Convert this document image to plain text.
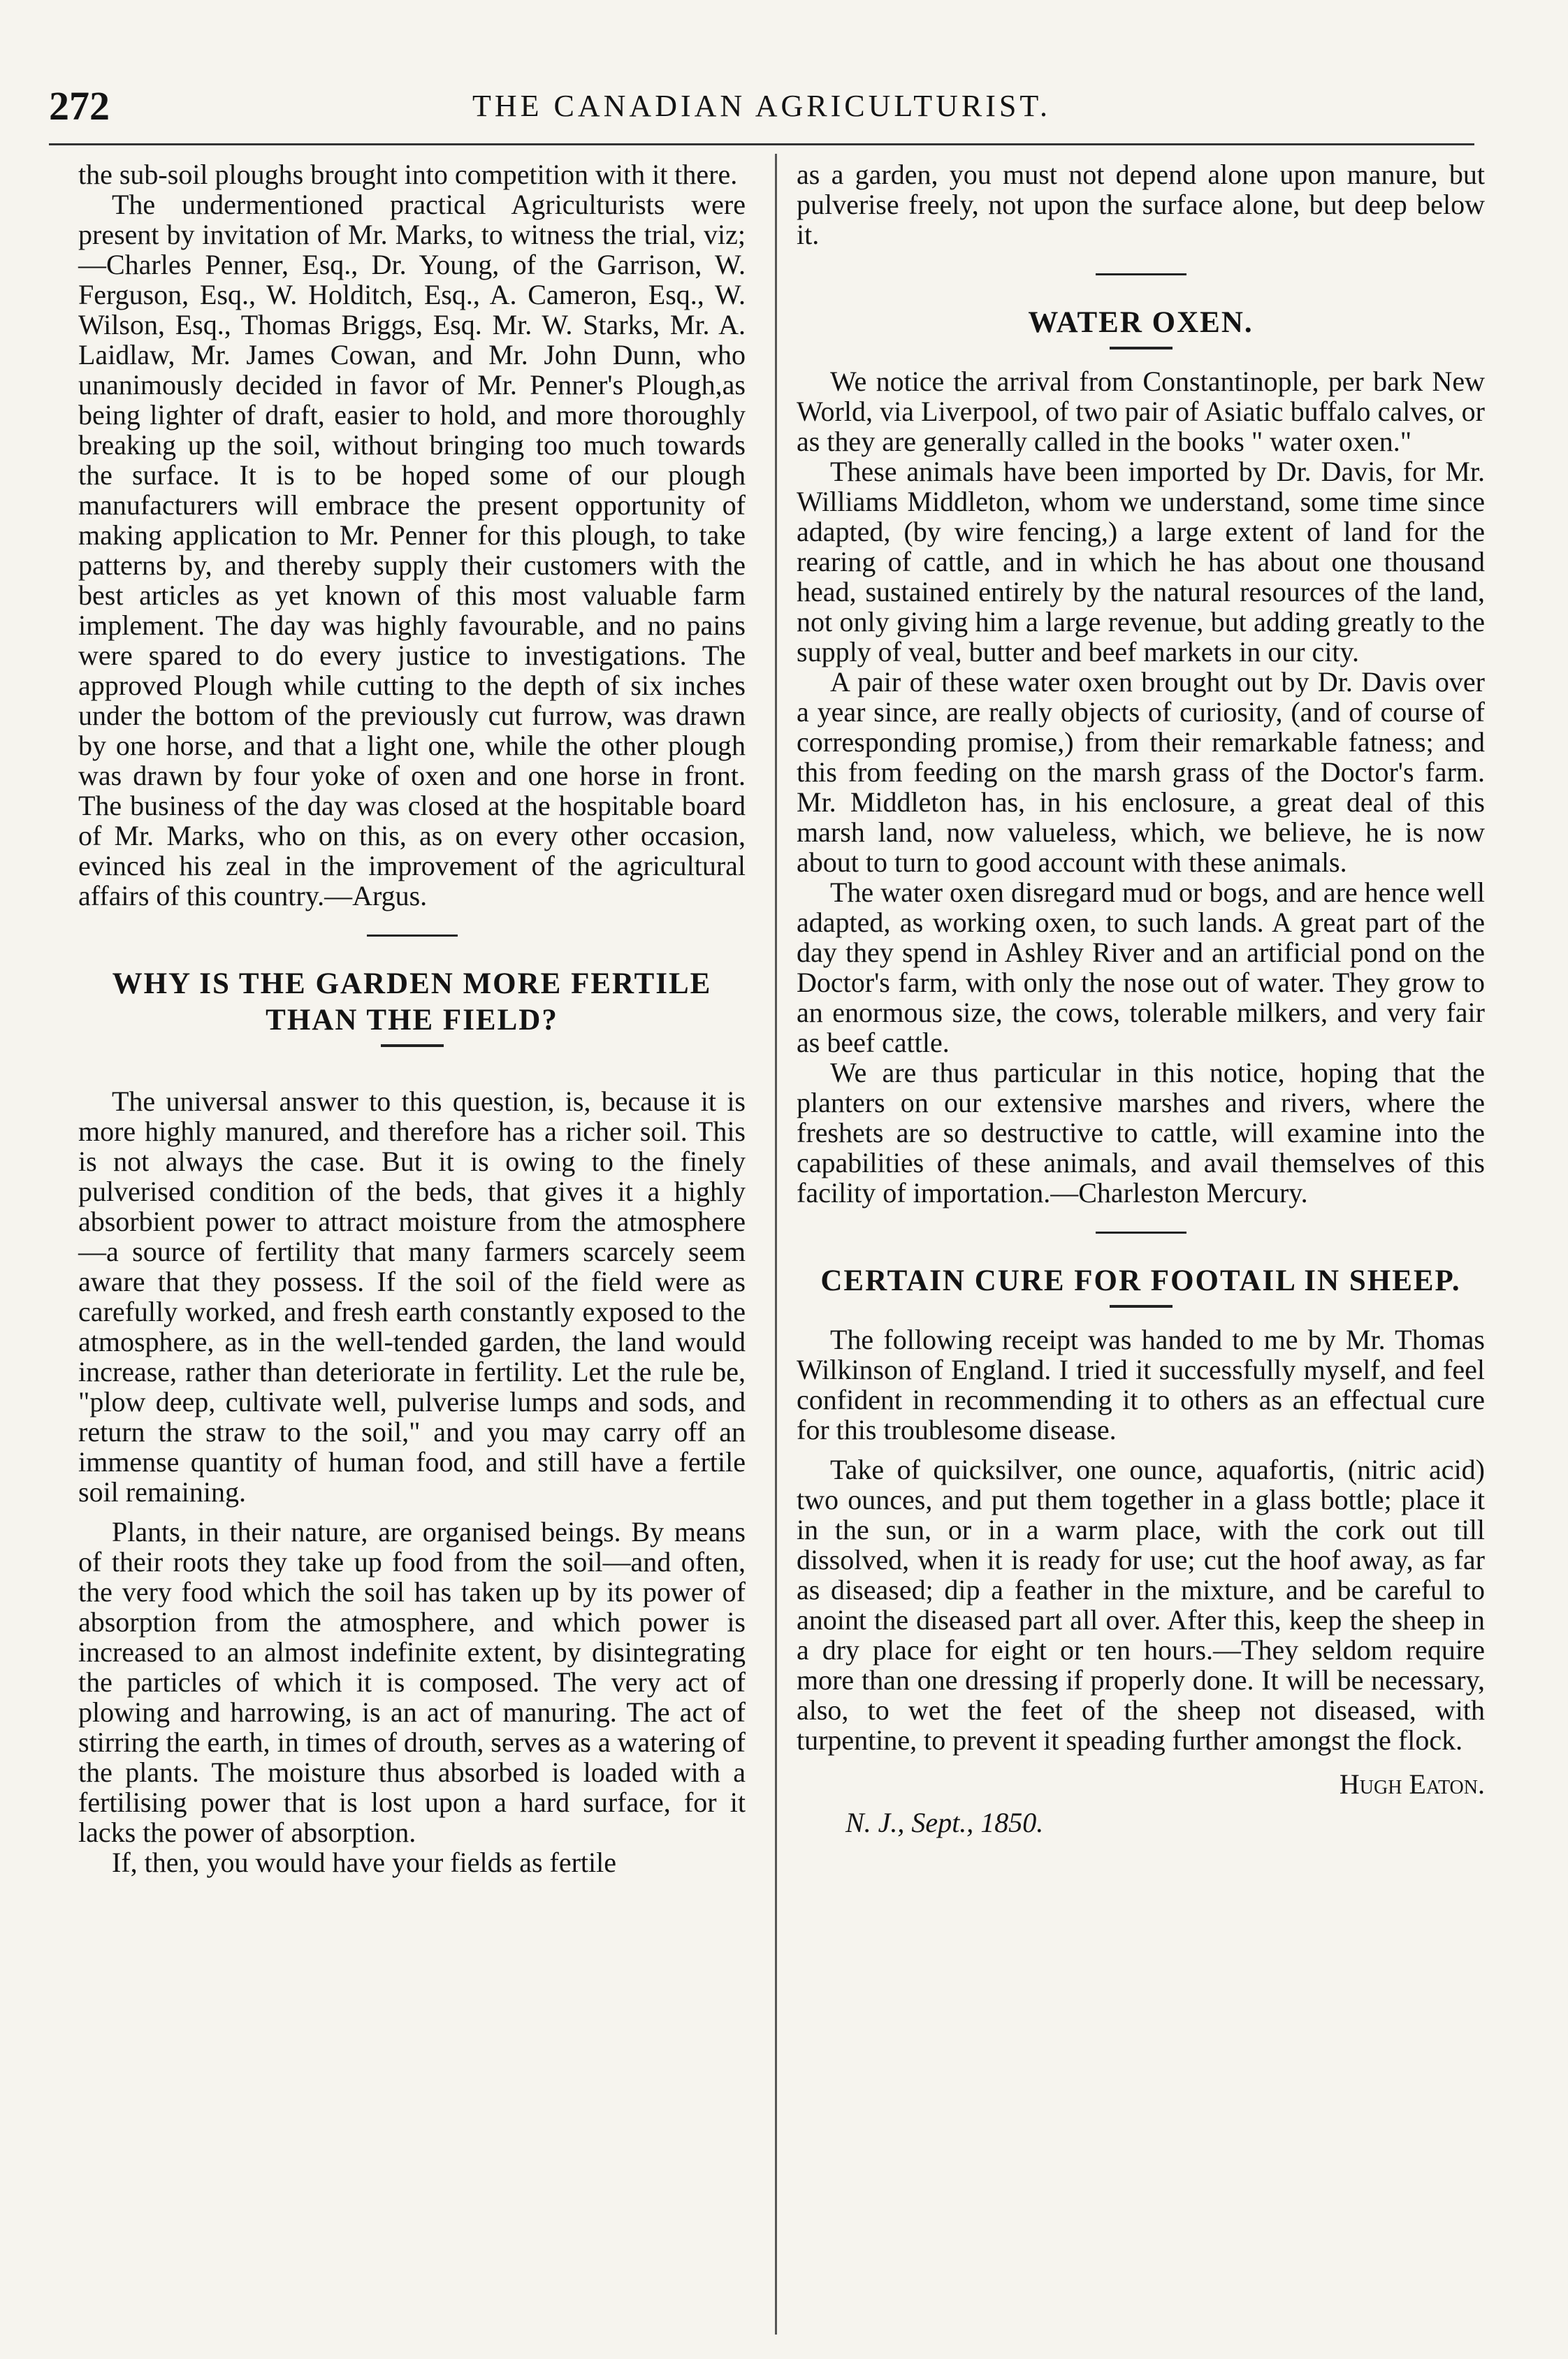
272	THE CANADIAN AGRICULTURIST.

the sub-soil ploughs brought into competition with it there.

The undermentioned practical Agriculturists were present by invitation of Mr. Marks, to witness the trial, viz;—Charles Penner, Esq., Dr. Young, of the Garrison, W. Ferguson, Esq., W. Holditch, Esq., A. Cameron, Esq., W. Wilson, Esq., Thomas Briggs, Esq. Mr. W. Starks, Mr. A. Laidlaw, Mr. James Cowan, and Mr. John Dunn, who unanimously decided in favor of Mr. Penner's Plough,as being lighter of draft, easier to hold, and more thoroughly breaking up the soil, without bringing too much towards the surface. It is to be hoped some of our plough manufacturers will embrace the present opportunity of making application to Mr. Penner for this plough, to take patterns by, and thereby supply their customers with the best articles as yet known of this most valuable farm implement. The day was highly favourable, and no pains were spared to do every justice to investigations. The approved Plough while cutting to the depth of six inches under the bottom of the previously cut furrow, was drawn by one horse, and that a light one, while the other plough was drawn by four yoke of oxen and one horse in front. The business of the day was closed at the hospitable board of Mr. Marks, who on this, as on every other occasion, evinced his zeal in the improvement of the agricultural affairs of this country.—Argus.

WHY IS THE GARDEN MORE FERTILE THAN THE FIELD?

The universal answer to this question, is, because it is more highly manured, and therefore has a richer soil. This is not always the case. But it is owing to the finely pulverised condition of the beds, that gives it a highly absorbient power to attract moisture from the atmosphere—a source of fertility that many farmers scarcely seem aware that they possess. If the soil of the field were as carefully worked, and fresh earth constantly exposed to the atmosphere, as in the well-tended garden, the land would increase, rather than deteriorate in fertility. Let the rule be, "plow deep, cultivate well, pulverise lumps and sods, and return the straw to the soil," and you may carry off an immense quantity of human food, and still have a fertile soil remaining.

Plants, in their nature, are organised beings. By means of their roots they take up food from the soil—and often, the very food which the soil has taken up by its power of absorption from the atmosphere, and which power is increased to an almost indefinite extent, by disintegrating the particles of which it is composed. The very act of plowing and harrowing, is an act of manuring. The act of stirring the earth, in times of drouth, serves as a watering of the plants. The moisture thus absorbed is loaded with a fertilising power that is lost upon a hard surface, for it lacks the power of absorption.

If, then, you would have your fields as fertile

as a garden, you must not depend alone upon manure, but pulverise freely, not upon the surface alone, but deep below it.

WATER OXEN.

We notice the arrival from Constantinople, per bark New World, via Liverpool, of two pair of Asiatic buffalo calves, or as they are generally called in the books " water oxen."

These animals have been imported by Dr. Davis, for Mr. Williams Middleton, whom we understand, some time since adapted, (by wire fencing,) a large extent of land for the rearing of cattle, and in which he has about one thousand head, sustained entirely by the natural resources of the land, not only giving him a large revenue, but adding greatly to the supply of veal, butter and beef markets in our city.

A pair of these water oxen brought out by Dr. Davis over a year since, are really objects of curiosity, (and of course of corresponding promise,) from their remarkable fatness; and this from feeding on the marsh grass of the Doctor's farm. Mr. Middleton has, in his enclosure, a great deal of this marsh land, now valueless, which, we believe, he is now about to turn to good account with these animals.

The water oxen disregard mud or bogs, and are hence well adapted, as working oxen, to such lands. A great part of the day they spend in Ashley River and an artificial pond on the Doctor's farm, with only the nose out of water. They grow to an enormous size, the cows, tolerable milkers, and very fair as beef cattle.

We are thus particular in this notice, hoping that the planters on our extensive marshes and rivers, where the freshets are so destructive to cattle, will examine into the capabilities of these animals, and avail themselves of this facility of importation.—Charleston Mercury.

CERTAIN CURE FOR FOOTAIL IN SHEEP.

The following receipt was handed to me by Mr. Thomas Wilkinson of England. I tried it successfully myself, and feel confident in recommending it to others as an effectual cure for this troublesome disease.

Take of quicksilver, one ounce, aquafortis, (nitric acid) two ounces, and put them together in a glass bottle; place it in the sun, or in a warm place, with the cork out till dissolved, when it is ready for use; cut the hoof away, as far as diseased; dip a feather in the mixture, and be careful to anoint the diseased part all over. After this, keep the sheep in a dry place for eight or ten hours.—They seldom require more than one dressing if properly done. It will be necessary, also, to wet the feet of the sheep not diseased, with turpentine, to prevent it speading further amongst the flock.

Hugh Eaton.
N. J., Sept., 1850.
